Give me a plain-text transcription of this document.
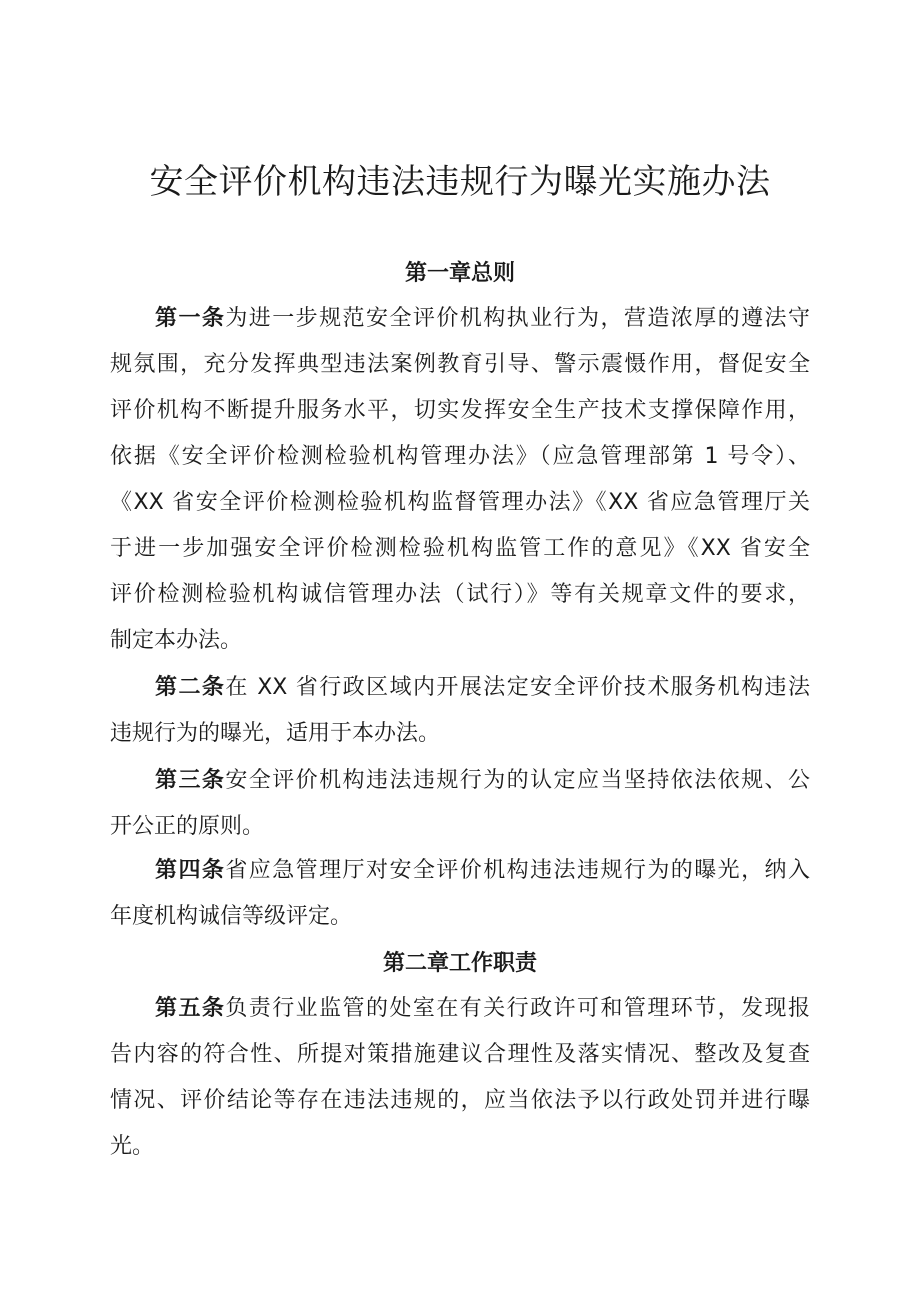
安全评价机构违法违规行为曝光实施办法
第一章总则
第一条为进一步规范安全评价机构执业行为，营造浓厚的遵法守
规氛围，充分发挥典型违法案例教育引导、警示震慑作用，督促安全
评价机构不断提升服务水平，切实发挥安全生产技术支撑保障作用，
依据《安全评价检测检验机构管理办法》（应急管理部第 1 号令）、
《XX 省安全评价检测检验机构监督管理办法》《XX 省应急管理厅关
于进一步加强安全评价检测检验机构监管工作的意见》《XX 省安全
评价检测检验机构诚信管理办法（试行）》等有关规章文件的要求，
制定本办法。
第二条在 XX 省行政区域内开展法定安全评价技术服务机构违法
违规行为的曝光，适用于本办法。
第三条安全评价机构违法违规行为的认定应当坚持依法依规、公
开公正的原则。
第四条省应急管理厅对安全评价机构违法违规行为的曝光，纳入
年度机构诚信等级评定。
第二章工作职责
第五条负责行业监管的处室在有关行政许可和管理环节，发现报
告内容的符合性、所提对策措施建议合理性及落实情况、整改及复查
情况、评价结论等存在违法违规的，应当依法予以行政处罚并进行曝
光。
